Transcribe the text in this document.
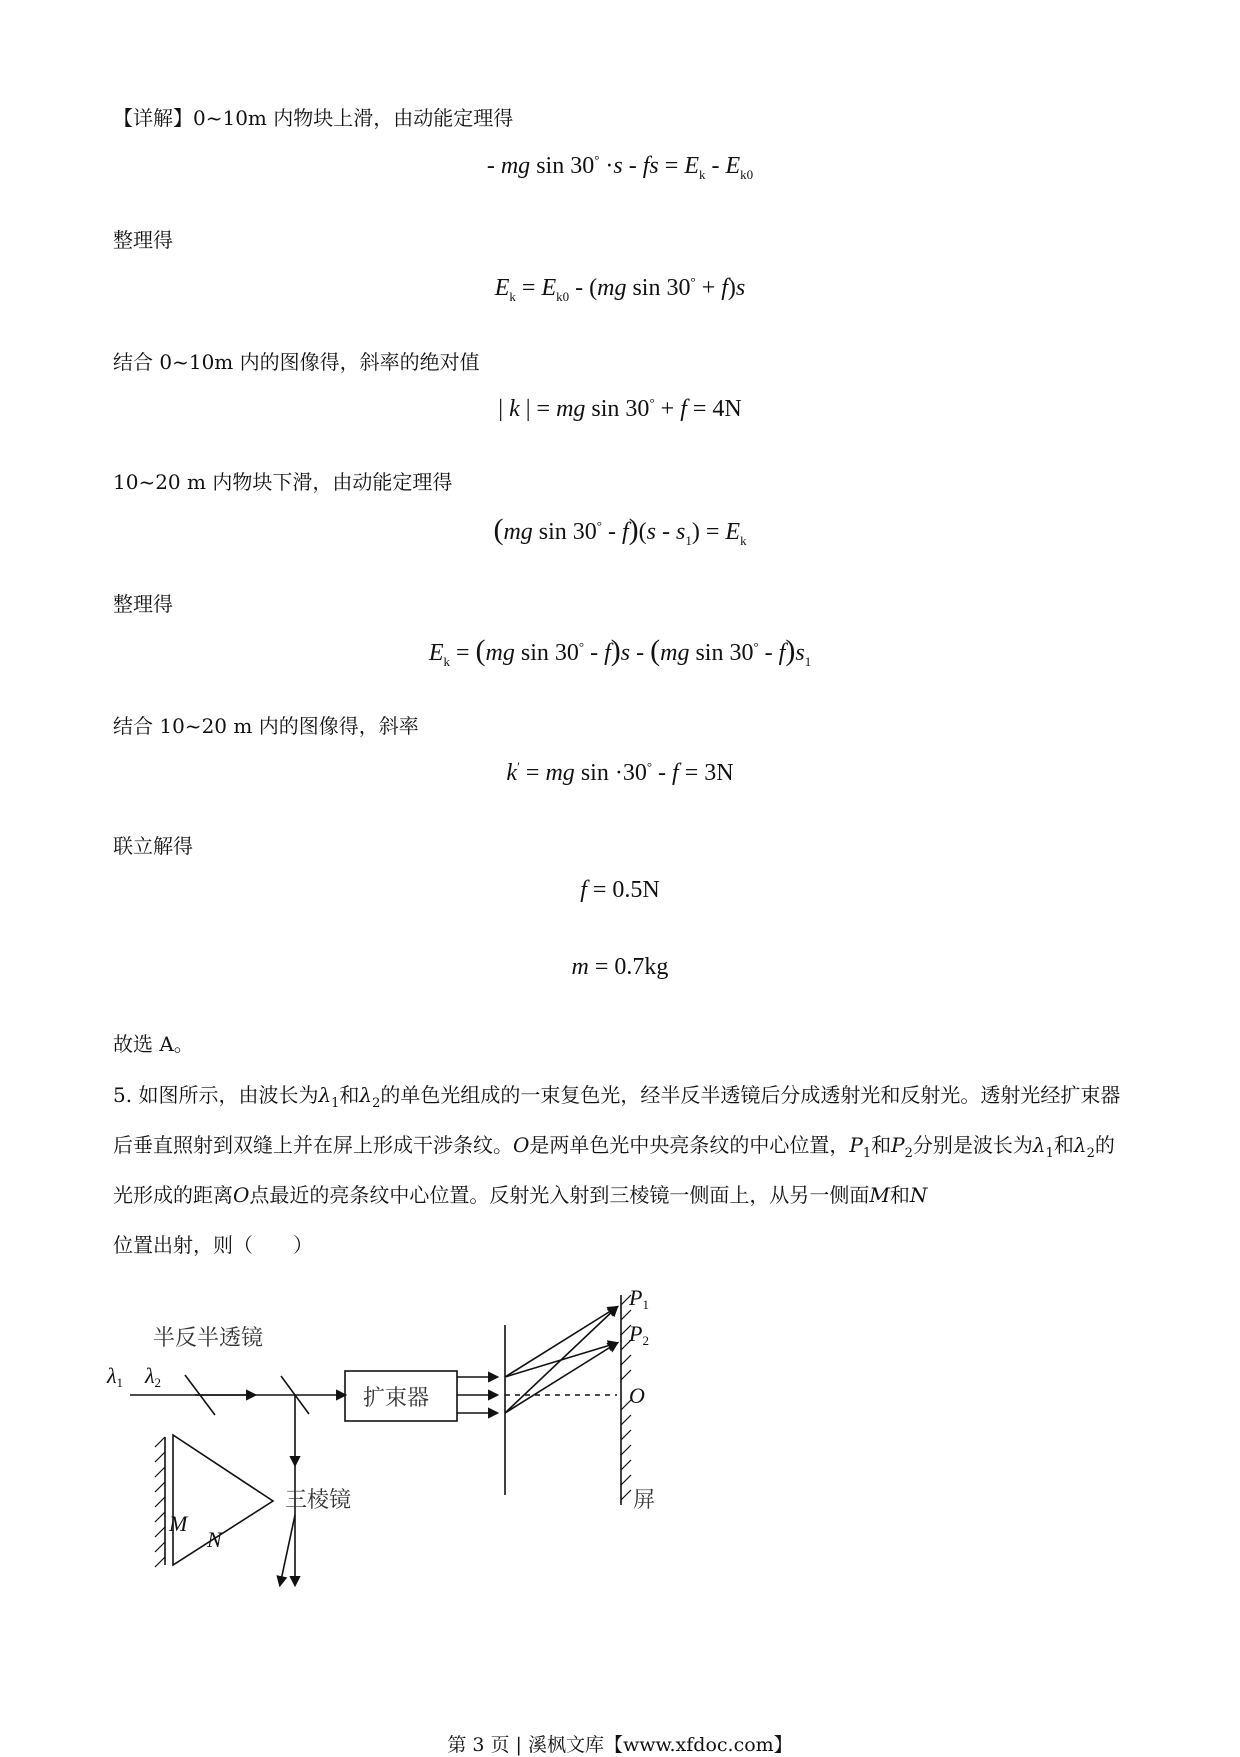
【详解】0~10m 内物块上滑，由动能定理得
- mg sin 30° ·s - fs = $E_k - E_{k0}$
整理得
$E_k = E_{k0} - (mg$ sin 30° + f)s
结合 0~10m 内的图像得，斜率的绝对值
| k | = mg sin 30° + f = 4N
10~20 m 内物块下滑，由动能定理得
(mg $\sin 30^\circ - f)(s - s_1) = E_k$
整理得
$E_k = (mg$ sin 30° - f)s - (mg $\sin 30^\circ - f)s_1$
结合 10~20 m 内的图像得，斜率
k′ = mg sin ·30° - f = 3N
联立解得
f = 0.5N
m = 0.7kg
故选 A。
5. 如图所示，由波长为$\lambda_1$和$\lambda_2$的单色光组成的一束复色光，经半反半透镜后分成透射光和反射光。透射光经扩束器后垂直照射到双缝上并在屏上形成干涉条纹。O是两单色光中央亮条纹的中心位置，$P_1$和$P_2$分别是波长为$\lambda_1$和$\lambda_2$的光形成的距离O点最近的亮条纹中心位置。反射光入射到三棱镜一侧面上，从另一侧面M和N位置出射，则（　　）
半反半透镜
扩束器
三棱镜	屏
λ1 λ2
P1
P2
O
M
N
第 3 页 | 溪枫文库【www.xfdoc.com】
